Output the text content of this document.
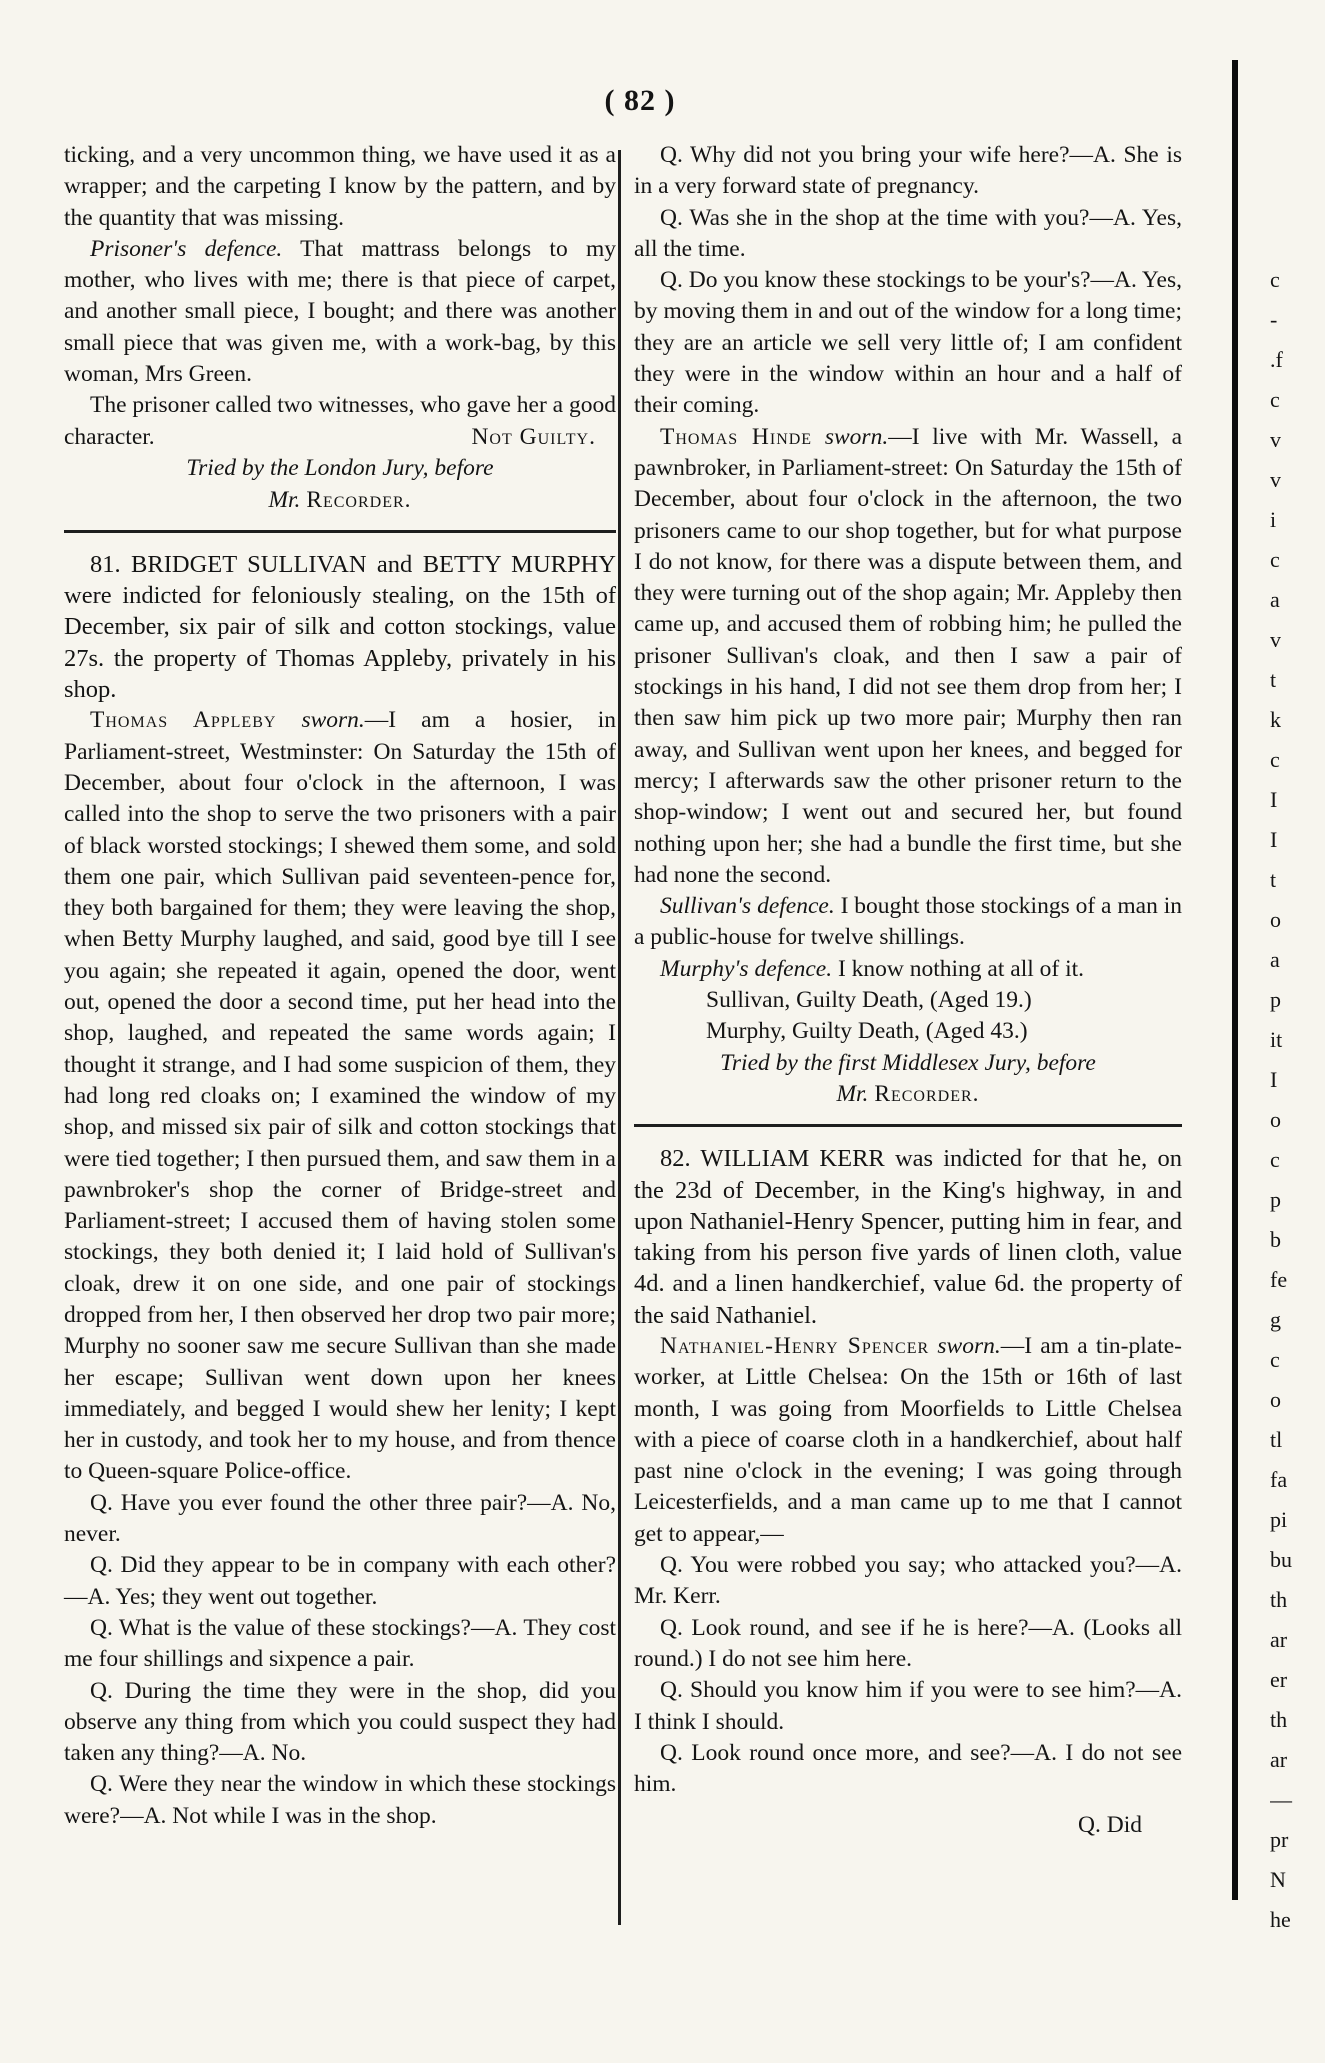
( 82 )

ticking, and a very uncommon thing, we have used it as a wrapper; and the carpeting I know by the pattern, and by the quantity that was missing.

Prisoner's defence. That mattrass belongs to my mother, who lives with me; there is that piece of carpet, and another small piece, I bought; and there was another small piece that was given me, with a work-bag, by this woman, Mrs Green.

The prisoner called two witnesses, who gave her a good character.	Not Guilty.

Tried by the London Jury, before

Mr. Recorder.

81. BRIDGET SULLIVAN and BETTY MURPHY were indicted for feloniously stealing, on the 15th of December, six pair of silk and cotton stockings, value 27s. the property of Thomas Appleby, privately in his shop.

Thomas Appleby sworn.—I am a hosier, in Parliament-street, Westminster: On Saturday the 15th of December, about four o'clock in the afternoon, I was called into the shop to serve the two prisoners with a pair of black worsted stockings; I shewed them some, and sold them one pair, which Sullivan paid seventeen-pence for, they both bargained for them; they were leaving the shop, when Betty Murphy laughed, and said, good bye till I see you again; she repeated it again, opened the door, went out, opened the door a second time, put her head into the shop, laughed, and repeated the same words again; I thought it strange, and I had some suspicion of them, they had long red cloaks on; I examined the window of my shop, and missed six pair of silk and cotton stockings that were tied together; I then pursued them, and saw them in a pawnbroker's shop the corner of Bridge-street and Parliament-street; I accused them of having stolen some stockings, they both denied it; I laid hold of Sullivan's cloak, drew it on one side, and one pair of stockings dropped from her, I then observed her drop two pair more; Murphy no sooner saw me secure Sullivan than she made her escape; Sullivan went down upon her knees immediately, and begged I would shew her lenity; I kept her in custody, and took her to my house, and from thence to Queen-square Police-office.

Q. Have you ever found the other three pair?—A. No, never.

Q. Did they appear to be in company with each other?—A. Yes; they went out together.

Q. What is the value of these stockings?—A. They cost me four shillings and sixpence a pair.

Q. During the time they were in the shop, did you observe any thing from which you could suspect they had taken any thing?—A. No.

Q. Were they near the window in which these stockings were?—A. Not while I was in the shop.

Q. Why did not you bring your wife here?—A. She is in a very forward state of pregnancy.

Q. Was she in the shop at the time with you?—A. Yes, all the time.

Q. Do you know these stockings to be your's?—A. Yes, by moving them in and out of the window for a long time; they are an article we sell very little of; I am confident they were in the window within an hour and a half of their coming.

Thomas Hinde sworn.—I live with Mr. Wassell, a pawnbroker, in Parliament-street: On Saturday the 15th of December, about four o'clock in the afternoon, the two prisoners came to our shop together, but for what purpose I do not know, for there was a dispute between them, and they were turning out of the shop again; Mr. Appleby then came up, and accused them of robbing him; he pulled the prisoner Sullivan's cloak, and then I saw a pair of stockings in his hand, I did not see them drop from her; I then saw him pick up two more pair; Murphy then ran away, and Sullivan went upon her knees, and begged for mercy; I afterwards saw the other prisoner return to the shop-window; I went out and secured her, but found nothing upon her; she had a bundle the first time, but she had none the second.

Sullivan's defence. I bought those stockings of a man in a public-house for twelve shillings.

Murphy's defence. I know nothing at all of it.

Sullivan, Guilty Death, (Aged 19.)

Murphy, Guilty Death, (Aged 43.)

Tried by the first Middlesex Jury, before

Mr. Recorder.

82. WILLIAM KERR was indicted for that he, on the 23d of December, in the King's highway, in and upon Nathaniel-Henry Spencer, putting him in fear, and taking from his person five yards of linen cloth, value 4d. and a linen handkerchief, value 6d. the property of the said Nathaniel.

Nathaniel-Henry Spencer sworn.—I am a tin-plate-worker, at Little Chelsea: On the 15th or 16th of last month, I was going from Moorfields to Little Chelsea with a piece of coarse cloth in a handkerchief, about half past nine o'clock in the evening; I was going through Leicesterfields, and a man came up to me that I cannot get to appear,—

Q. You were robbed you say; who attacked you?—A. Mr. Kerr.

Q. Look round, and see if he is here?—A. (Looks all round.) I do not see him here.

Q. Should you know him if you were to see him?—A. I think I should.

Q. Look round once more, and see?—A. I do not see him.

Q. Did

c
-
.f
c
v
v
i
c
a
v
t
k
c
I
I
t
o
a
p
it
I
o
c
p
b
fe
g
c
o
tl
fa
pi
bu
th
ar
er
th
ar
—
pr
N
he
